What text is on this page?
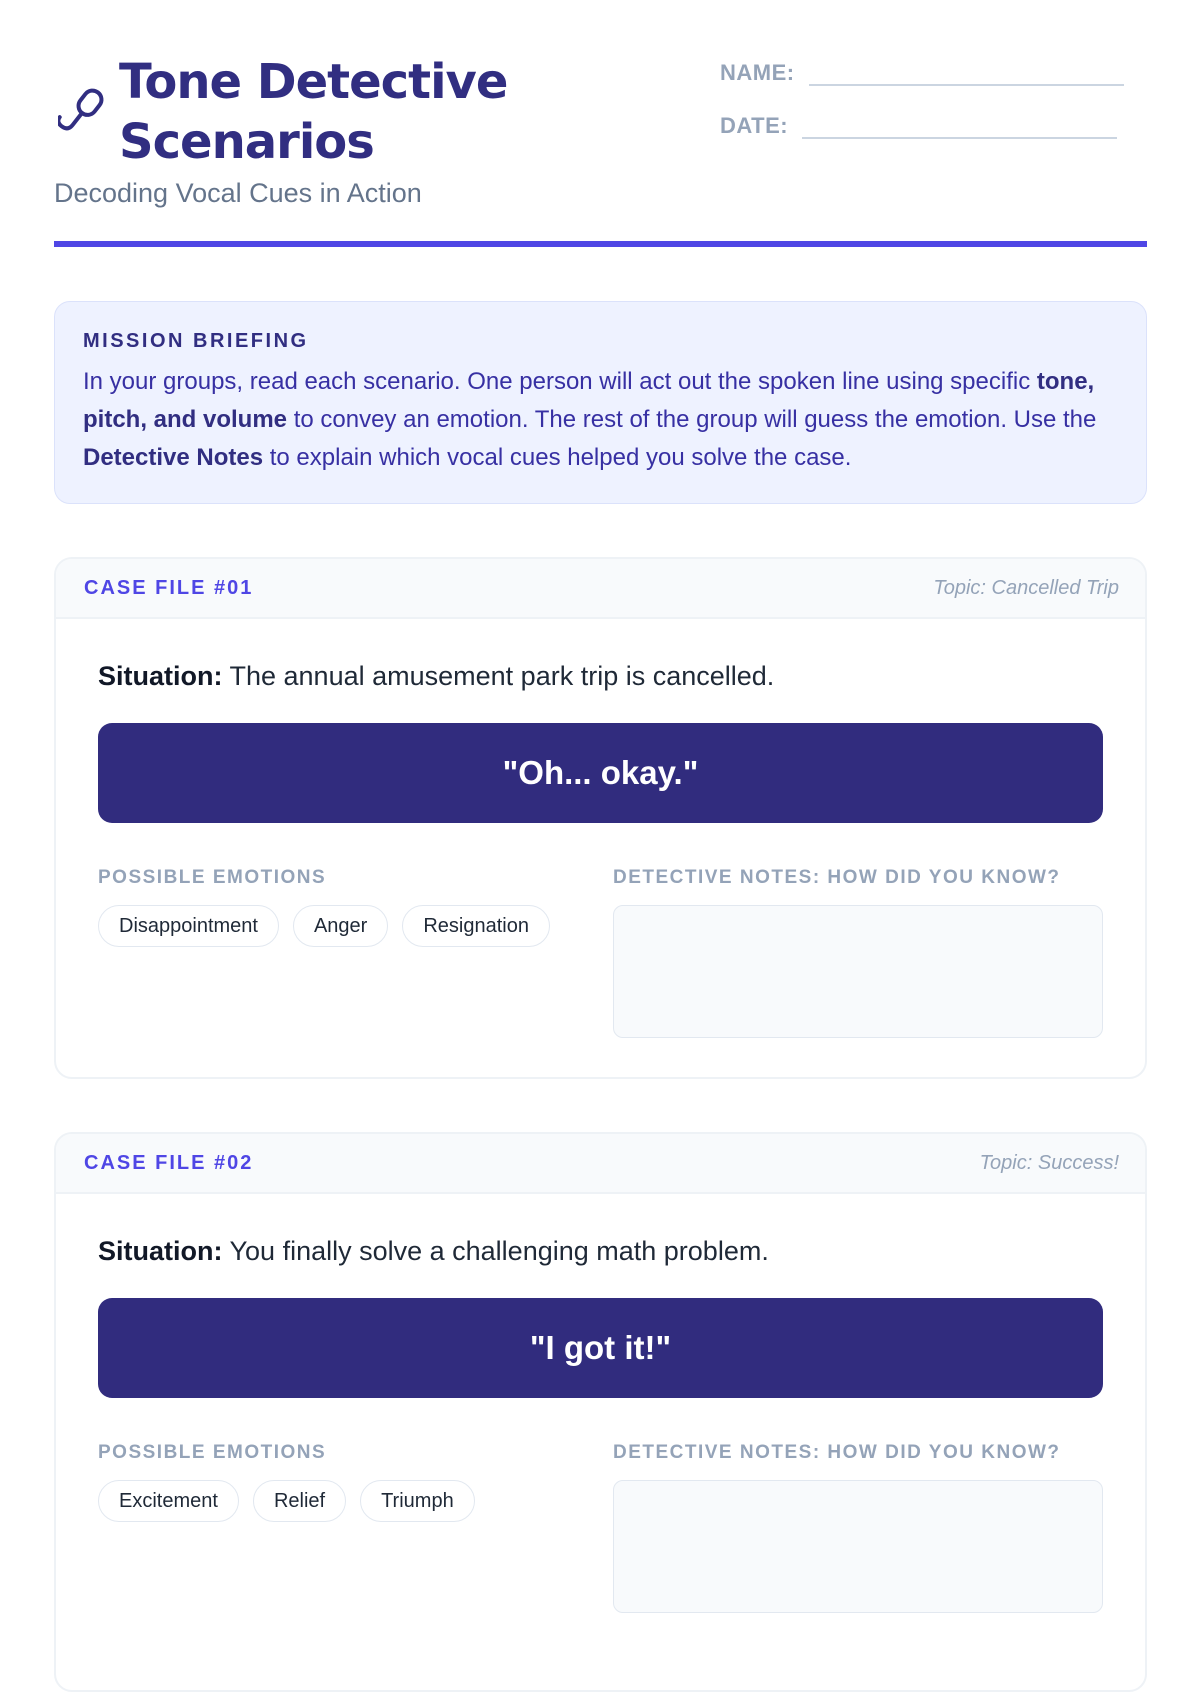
Tone Detective
Scenarios
Decoding Vocal Cues in Action
NAME:
DATE:
MISSION BRIEFING
In your groups, read each scenario. One person will act out the spoken line using specific tone, pitch, and volume to convey an emotion. The rest of the group will guess the emotion. Use the Detective Notes to explain which vocal cues helped you solve the case.
CASE FILE #01	Topic: Cancelled Trip
Situation: The annual amusement park trip is cancelled.
"Oh... okay."
POSSIBLE EMOTIONS
Disappointment	Anger	Resignation
DETECTIVE NOTES: HOW DID YOU KNOW?
CASE FILE #02	Topic: Success!
Situation: You finally solve a challenging math problem.
"I got it!"
POSSIBLE EMOTIONS
Excitement	Relief	Triumph
DETECTIVE NOTES: HOW DID YOU KNOW?
